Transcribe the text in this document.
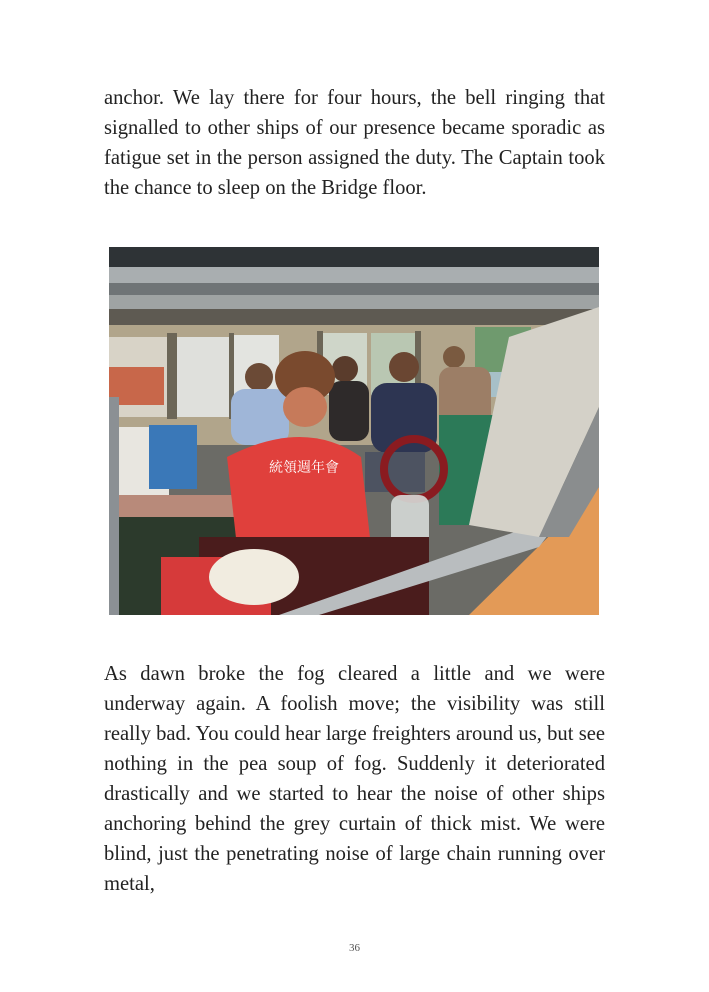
anchor. We lay there for four hours, the bell ringing that signalled to other ships of our presence became sporadic as fatigue set in the person assigned the duty. The Captain took the chance to sleep on the Bridge floor.

統領週年會

As dawn broke the fog cleared a little and we were underway again. A foolish move; the visibility was still really bad. You could hear large freighters around us, but see nothing in the pea soup of fog. Suddenly it deteriorated drastically and we started to hear the noise of other ships anchoring behind the grey curtain of thick mist. We were blind, just the penetrating noise of large chain running over metal,

36
